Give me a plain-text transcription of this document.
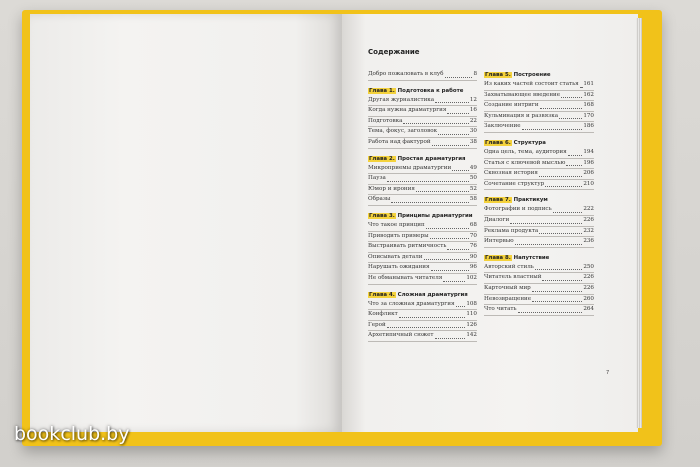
Содержание
Добро пожаловать в клуб	8
Глава 1. Подготовка к работе
Другая журналистика	12
Когда нужна драматургия	16
Подготовка	22
Тема, фокус, заголовок	30
Работа над фактурой	38
Глава 2. Простая драматургия
Микроприемы драматургии	49
Пауза	50
Юмор и ирония	52
Образы	58
Глава 3. Принципы драматургии
Что такое принцип	68
Приводить примеры	70
Выстраивать ритмичность	76
Описывать детали	90
Нарушать ожидания	96
Не обманывать читателя	102
Глава 4. Сложная драматургия
Что за сложная драматургия 108
Конфликт	110
Герой	126
Архетипичный сюжет	142
Глава 5. Построение
Из каких частей состоит статья 161
Захватывающее введение	162
Создание интриги	168
Кульминация и развязка	170
Заключение	186
Глава 6. Структура
Одна цель, тема, аудитория	194
Статья с ключевой мыслью	196
Сквозная история	206
Сочетание структур	210
Глава 7. Практикум
Фотографии и подпись	222
Диалоги	226
Реклама продукта	232
Интервью	236
Глава 8. Напутствие
Авторский стиль	250
Читатель властный	226
Карточный мир	226
Невозвращение	260
Что читать	264
7
bookclub.by
